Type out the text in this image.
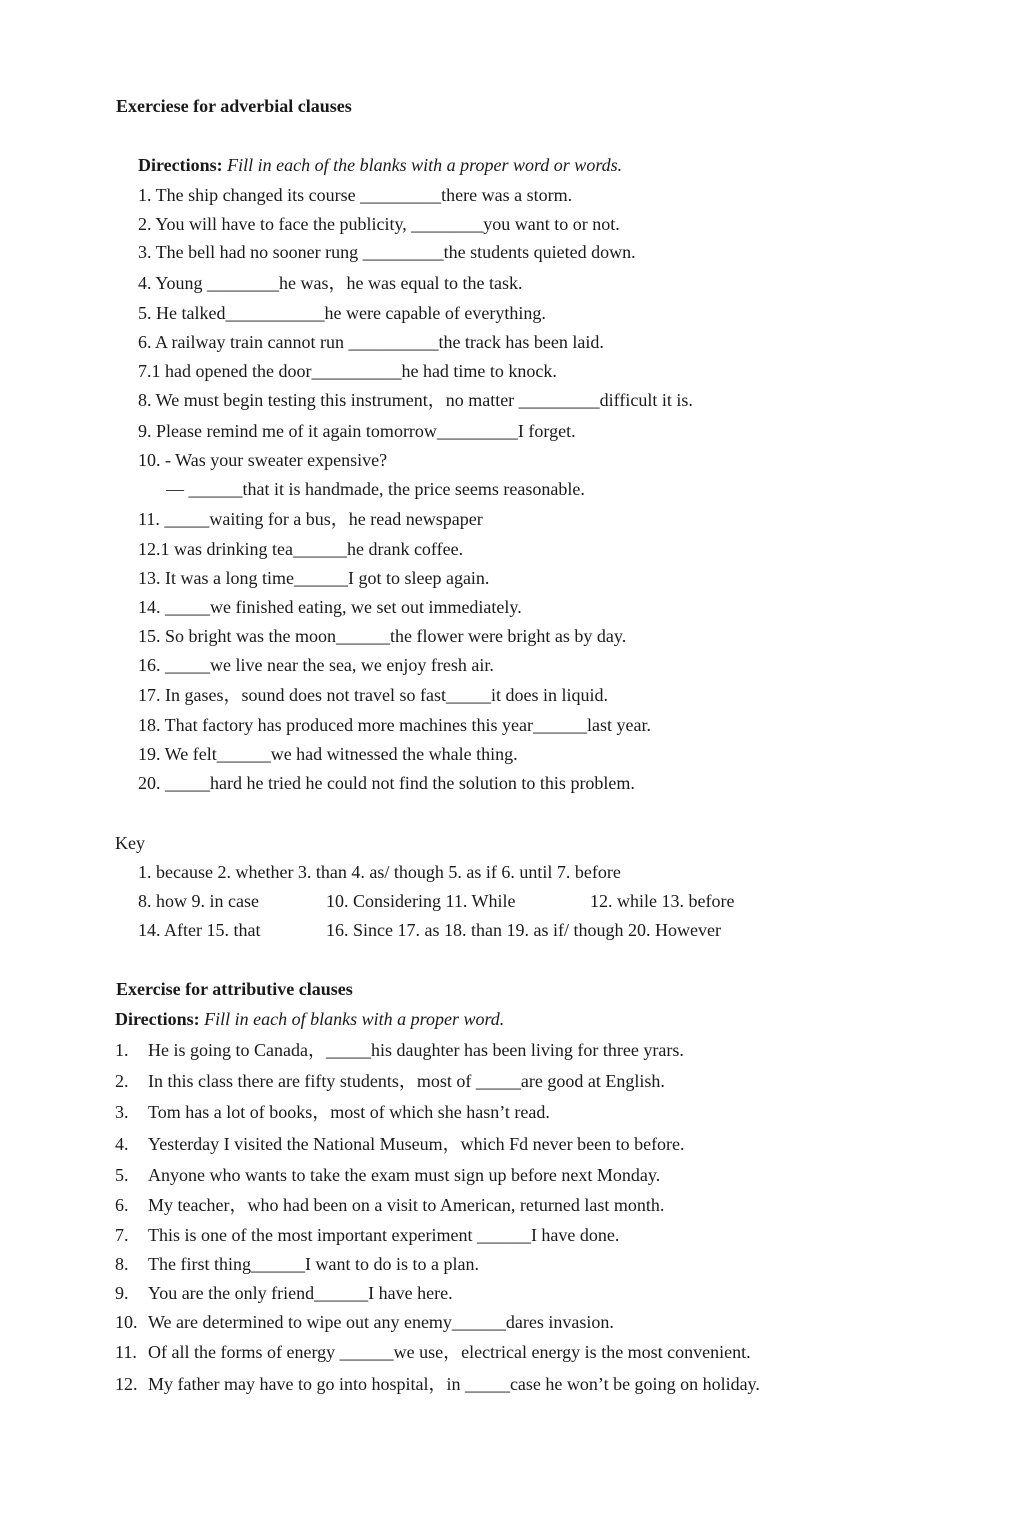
Exerciese for adverbial clauses
Directions: Fill in each of the blanks with a proper word or words.
1. The ship changed its course _________there was a storm.
2. You will have to face the publicity, ________you want to or not.
3. The bell had no sooner rung _________the students quieted down.
4. Young ________he was，he was equal to the task.
5. He talked___________he were capable of everything.
6. A railway train cannot run __________the track has been laid.
7.1 had opened the door__________he had time to knock.
8. We must begin testing this instrument，no matter _________difficult it is.
9. Please remind me of it again tomorrow_________I forget.
10. - Was your sweater expensive?
— ______that it is handmade, the price seems reasonable.
11. _____waiting for a bus，he read newspaper
12.1 was drinking tea______he drank coffee.
13. It was a long time______I got to sleep again.
14. _____we finished eating, we set out immediately.
15. So bright was the moon______the flower were bright as by day.
16. _____we live near the sea, we enjoy fresh air.
17. In gases，sound does not travel so fast_____it does in liquid.
18. That factory has produced more machines this year______last year.
19. We felt______we had witnessed the whale thing.
20. _____hard he tried he could not find the solution to this problem.
Key
1. because 2. whether 3. than 4. as/ though 5. as if 6. until 7. before
8. how 9. in case	10. Considering 11. While	12. while 13. before
14. After 15. that	16. Since 17. as 18. than 19. as if/ though 20. However
Exercise for attributive clauses
Directions: Fill in each of blanks with a proper word.
1. He is going to Canada，_____his daughter has been living for three yrars.
2. In this class there are fifty students，most of _____are good at English.
3. Tom has a lot of books，most of which she hasn’t read.
4. Yesterday I visited the National Museum，which Fd never been to before.
5. Anyone who wants to take the exam must sign up before next Monday.
6. My teacher，who had been on a visit to American, returned last month.
7. This is one of the most important experiment ______I have done.
8. The first thing______I want to do is to a plan.
9. You are the only friend______I have here.
10. We are determined to wipe out any enemy______dares invasion.
11. Of all the forms of energy ______we use，electrical energy is the most convenient.
12. My father may have to go into hospital，in _____case he won’t be going on holiday.
